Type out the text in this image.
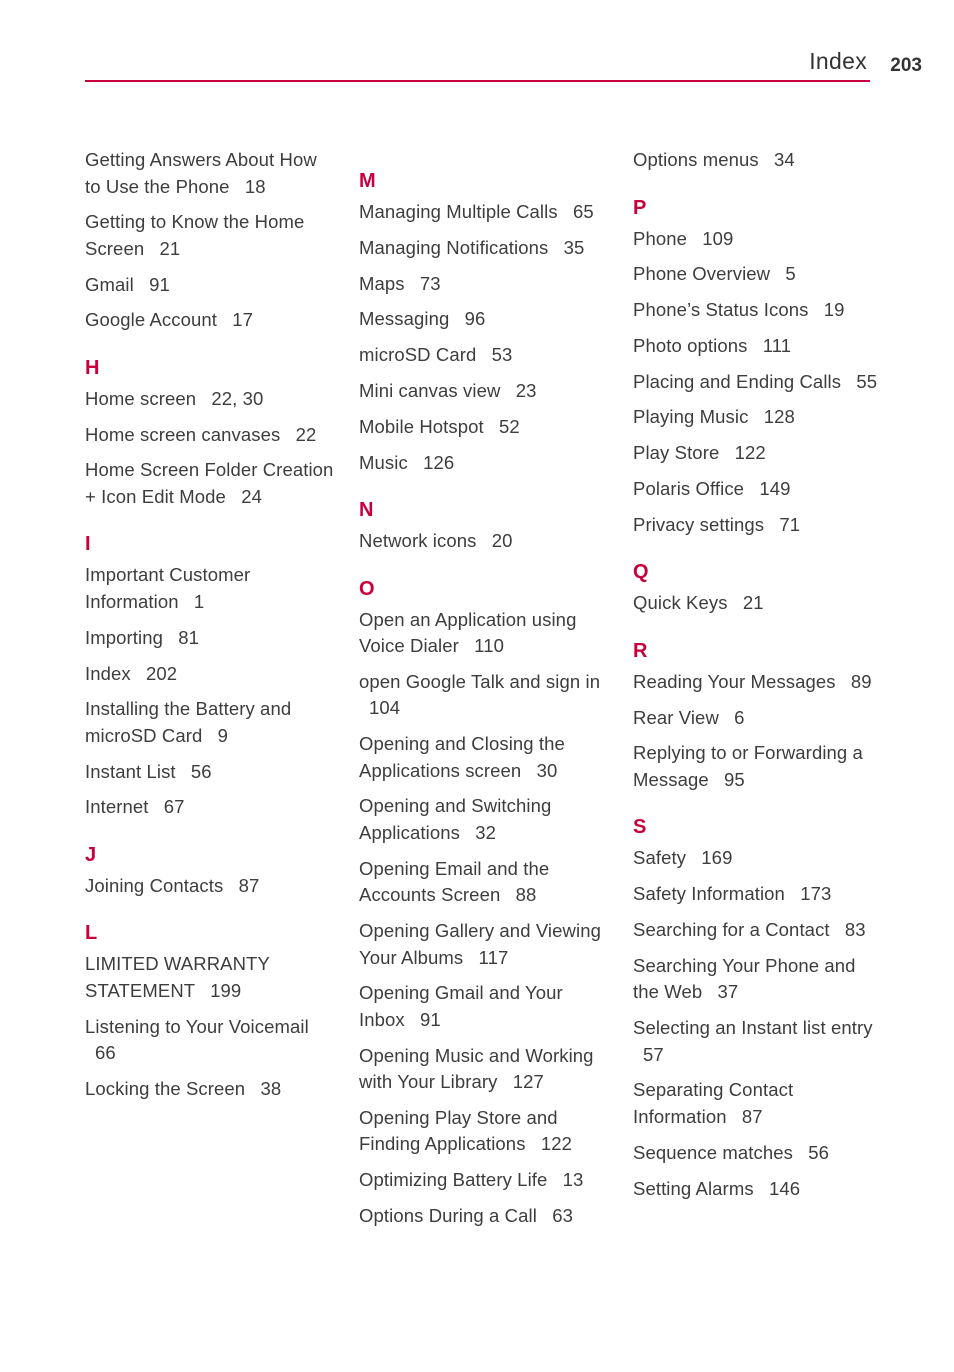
Index 203
Getting Answers About How to Use the Phone 18
Getting to Know the Home Screen 21
Gmail 91
Google Account 17
H
Home screen 22, 30
Home screen canvases 22
Home Screen Folder Creation + Icon Edit Mode 24
I
Important Customer Information 1
Importing 81
Index 202
Installing the Battery and microSD Card 9
Instant List 56
Internet 67
J
Joining Contacts 87
L
LIMITED WARRANTY STATEMENT 199
Listening to Your Voicemail 66
Locking the Screen 38
M
Managing Multiple Calls 65
Managing Notifications 35
Maps 73
Messaging 96
microSD Card 53
Mini canvas view 23
Mobile Hotspot 52
Music 126
N
Network icons 20
O
Open an Application using Voice Dialer 110
open Google Talk and sign in 104
Opening and Closing the Applications screen 30
Opening and Switching Applications 32
Opening Email and the Accounts Screen 88
Opening Gallery and Viewing Your Albums 117
Opening Gmail and Your Inbox 91
Opening Music and Working with Your Library 127
Opening Play Store and Finding Applications 122
Optimizing Battery Life 13
Options During a Call 63
Options menus 34
P
Phone 109
Phone Overview 5
Phone’s Status Icons 19
Photo options 111
Placing and Ending Calls 55
Playing Music 128
Play Store 122
Polaris Office 149
Privacy settings 71
Q
Quick Keys 21
R
Reading Your Messages 89
Rear View 6
Replying to or Forwarding a Message 95
S
Safety 169
Safety Information 173
Searching for a Contact 83
Searching Your Phone and the Web 37
Selecting an Instant list entry 57
Separating Contact Information 87
Sequence matches 56
Setting Alarms 146
